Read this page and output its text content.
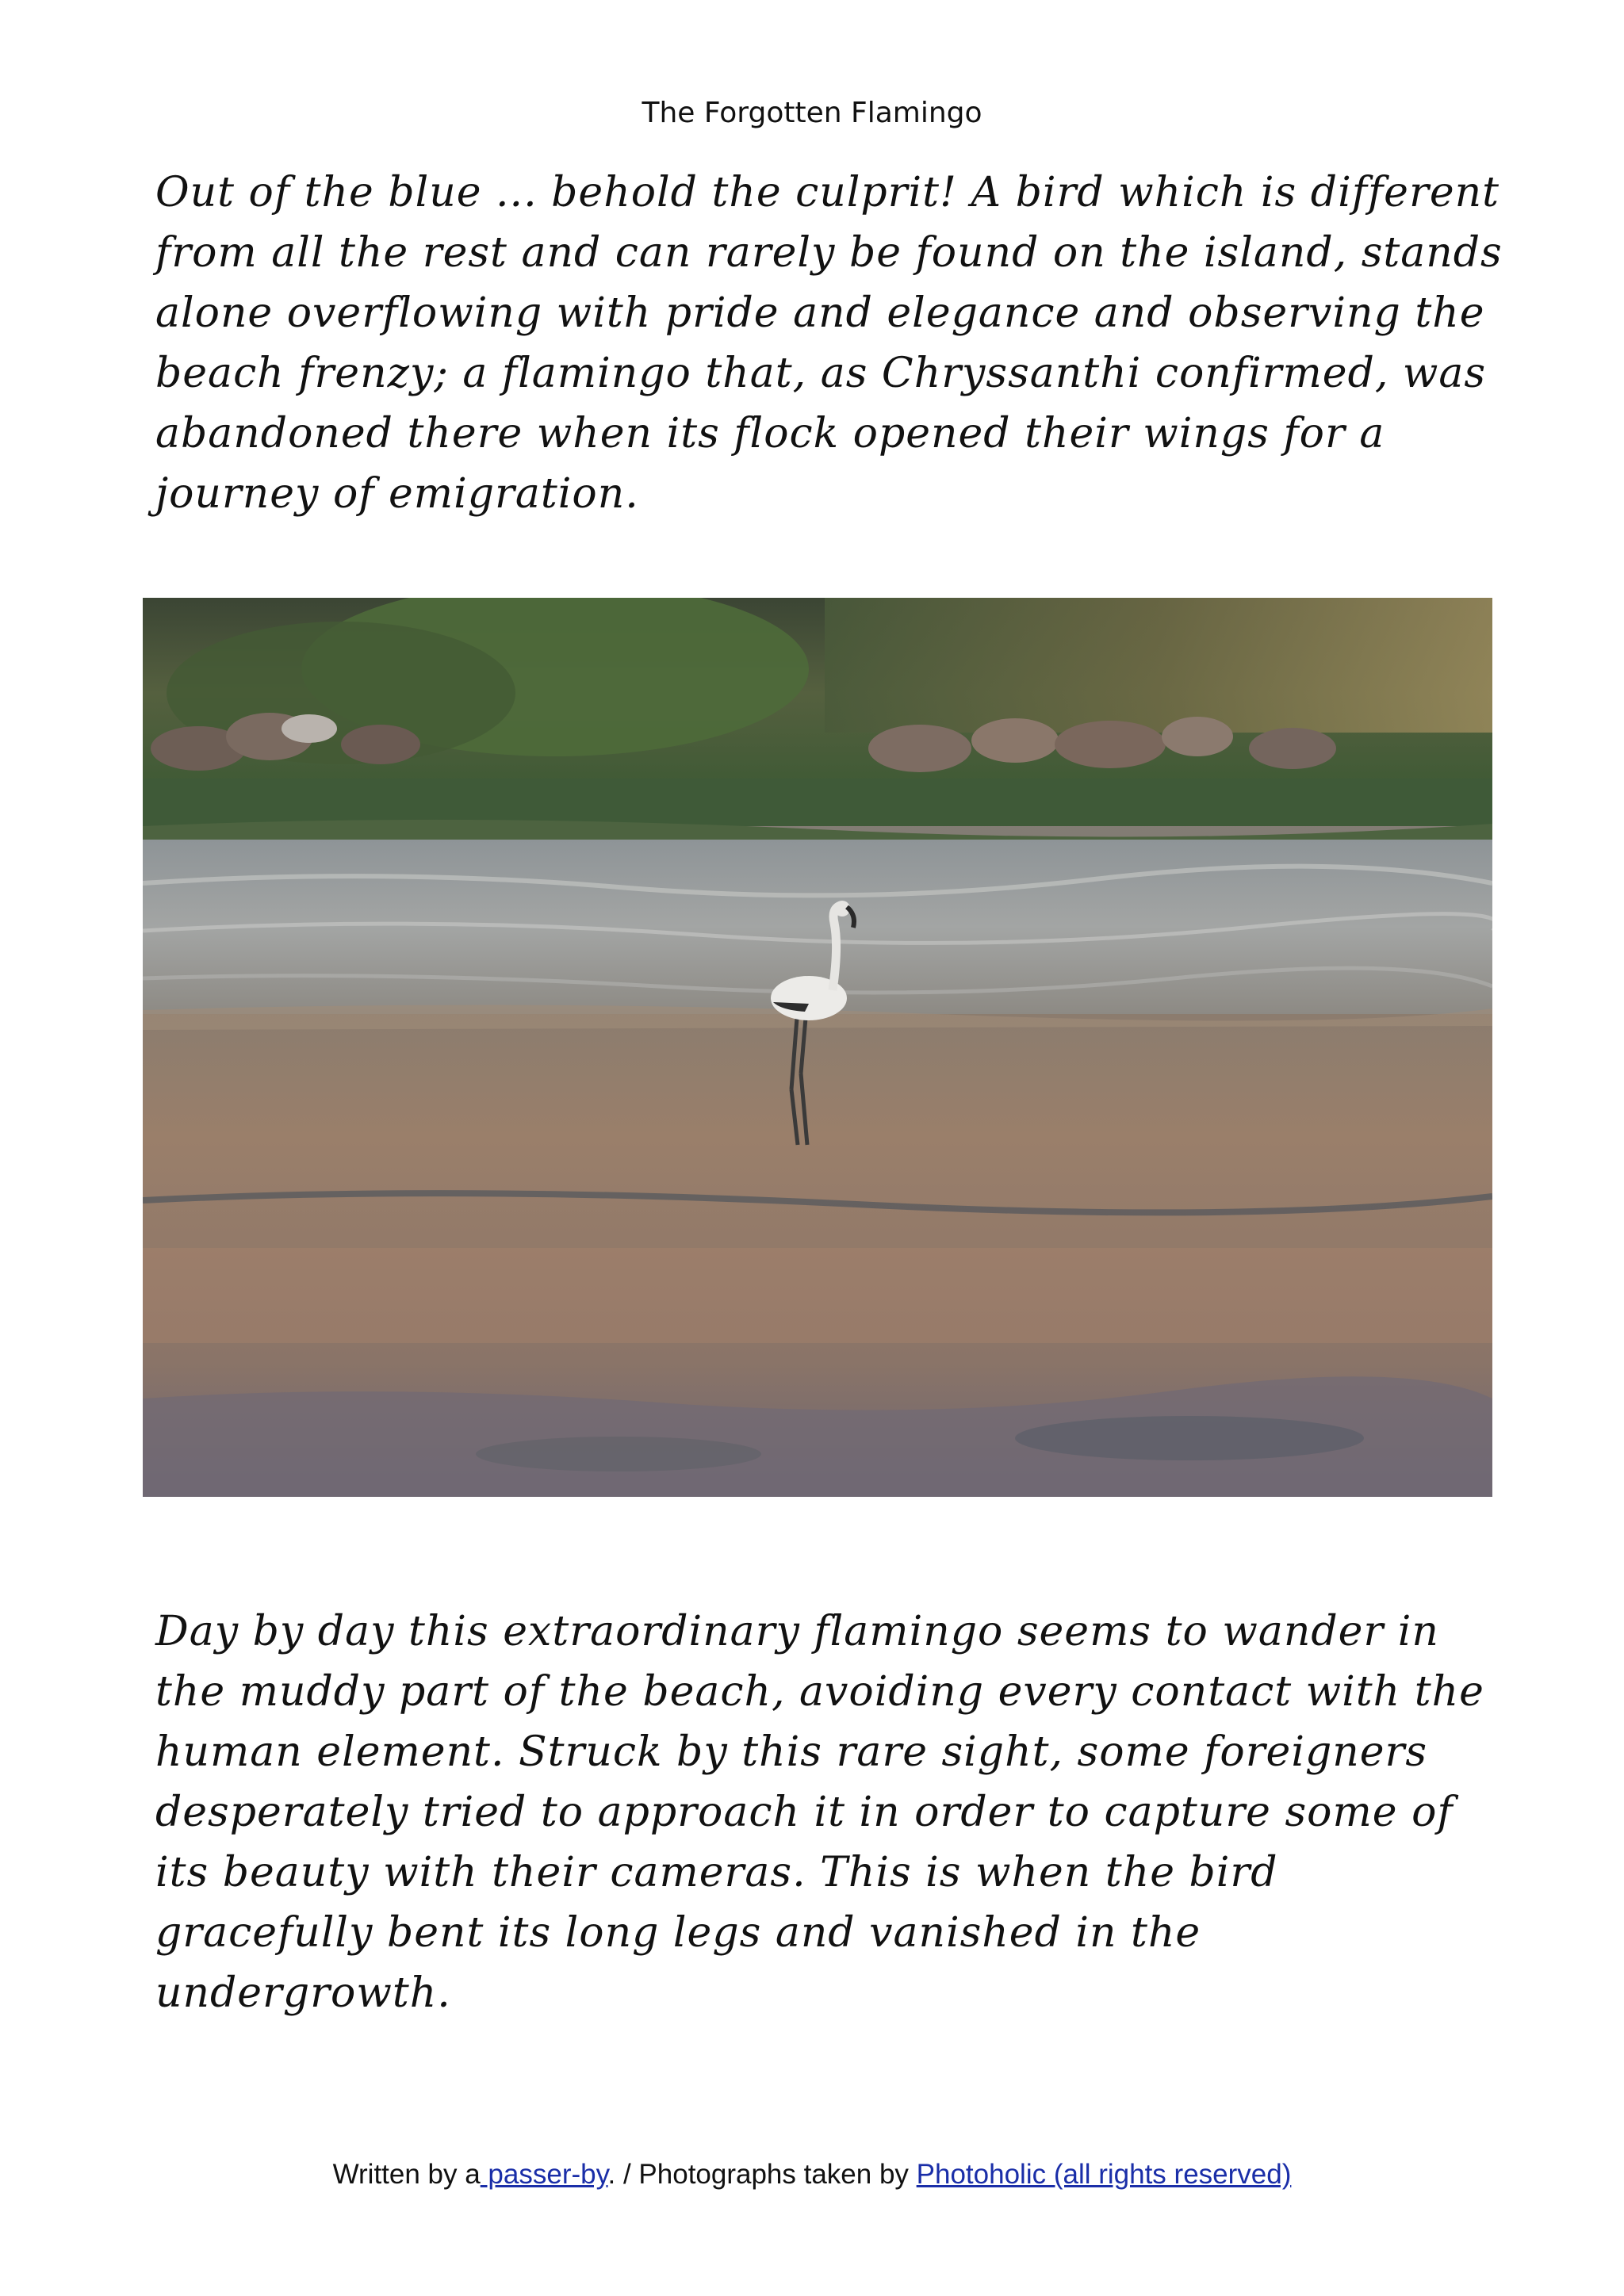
The Forgotten Flamingo

Out of the blue ... behold the culprit! A bird which is different from all the rest and can rarely be found on the island, stands alone overflowing with pride and elegance and observing the beach frenzy; a flamingo that, as Chryssanthi confirmed, was abandoned there when its flock opened their wings for a journey of emigration.

Day by day this extraordinary flamingo seems to wander in the muddy part of the beach, avoiding every contact with the human element. Struck by this rare sight, some foreigners desperately tried to approach it in order to capture some of its beauty with their cameras. This is when the bird gracefully bent its long legs and vanished in the undergrowth.

Written by a passer-by. / Photographs taken by Photoholic (all rights reserved)
